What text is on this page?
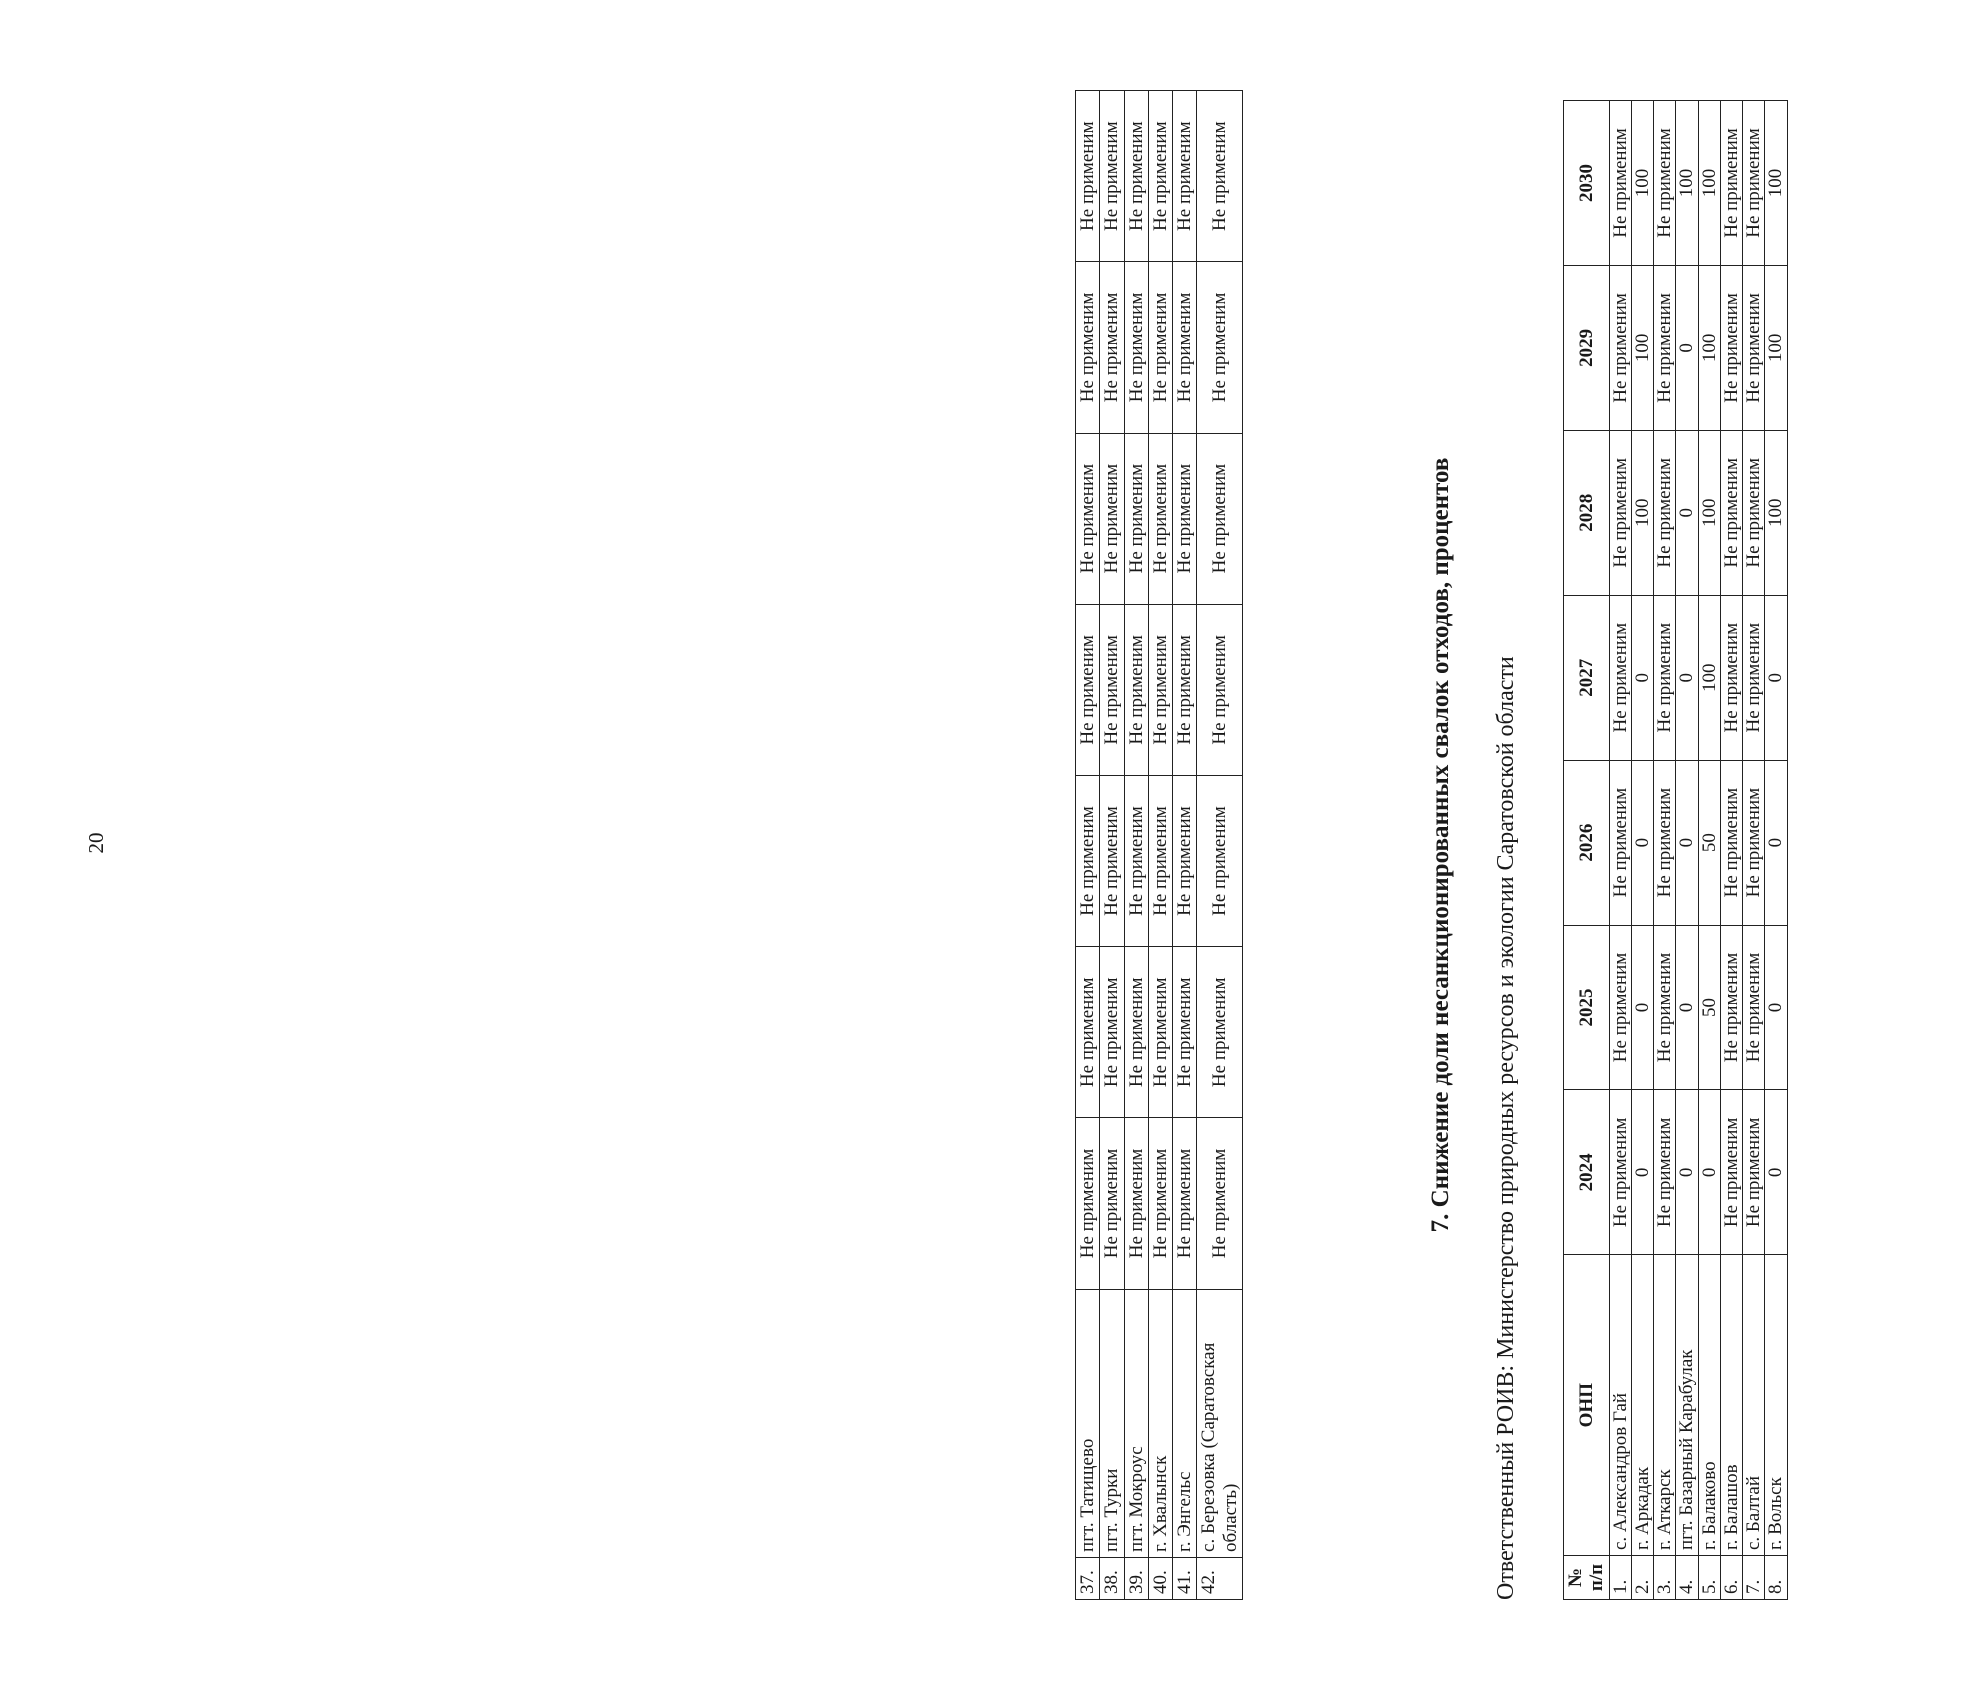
20
37.	пгт. Татищево	Не применим	Не применим	Не применим	Не применим	Не применим	Не применим	Не применим
38.	пгт. Турки	Не применим	Не применим	Не применим	Не применим	Не применим	Не применим	Не применим
39.	пгт. Мокроус	Не применим	Не применим	Не применим	Не применим	Не применим	Не применим	Не применим
40.	г. Хвалынск	Не применим	Не применим	Не применим	Не применим	Не применим	Не применим	Не применим
41.	г. Энгельс	Не применим	Не применим	Не применим	Не применим	Не применим	Не применим	Не применим
42.	с. Березовка (Саратовская область)	Не применим	Не применим	Не применим	Не применим	Не применим	Не применим	Не применим
7. Снижение доли несанкционированных свалок отходов, процентов Ответственный РОИВ: Министерство природных ресурсов и экологии Саратовской области № п/п	ОНП	2024	2025	2026	2027	2028	2029	2030
1.	с. Александров Гай	Не применим	Не применим	Не применим	Не применим	Не применим	Не применим	Не применим
2.	г. Аркадак	0	0	0	0	100	100	100
3.	г. Аткарск	Не применим	Не применим	Не применим	Не применим	Не применим	Не применим	Не применим
4.	пгт. Базарный Карабулак	0	0	0	0	0	0	100
5.	г. Балаково	0	50	50	100	100	100	100
6.	г. Балашов	Не применим	Не применим	Не применим	Не применим	Не применим	Не применим	Не применим
7.	с. Балтай	Не применим	Не применим	Не применим	Не применим	Не применим	Не применим	Не применим
8.	г. Вольск	0	0	0	0	100	100	100
